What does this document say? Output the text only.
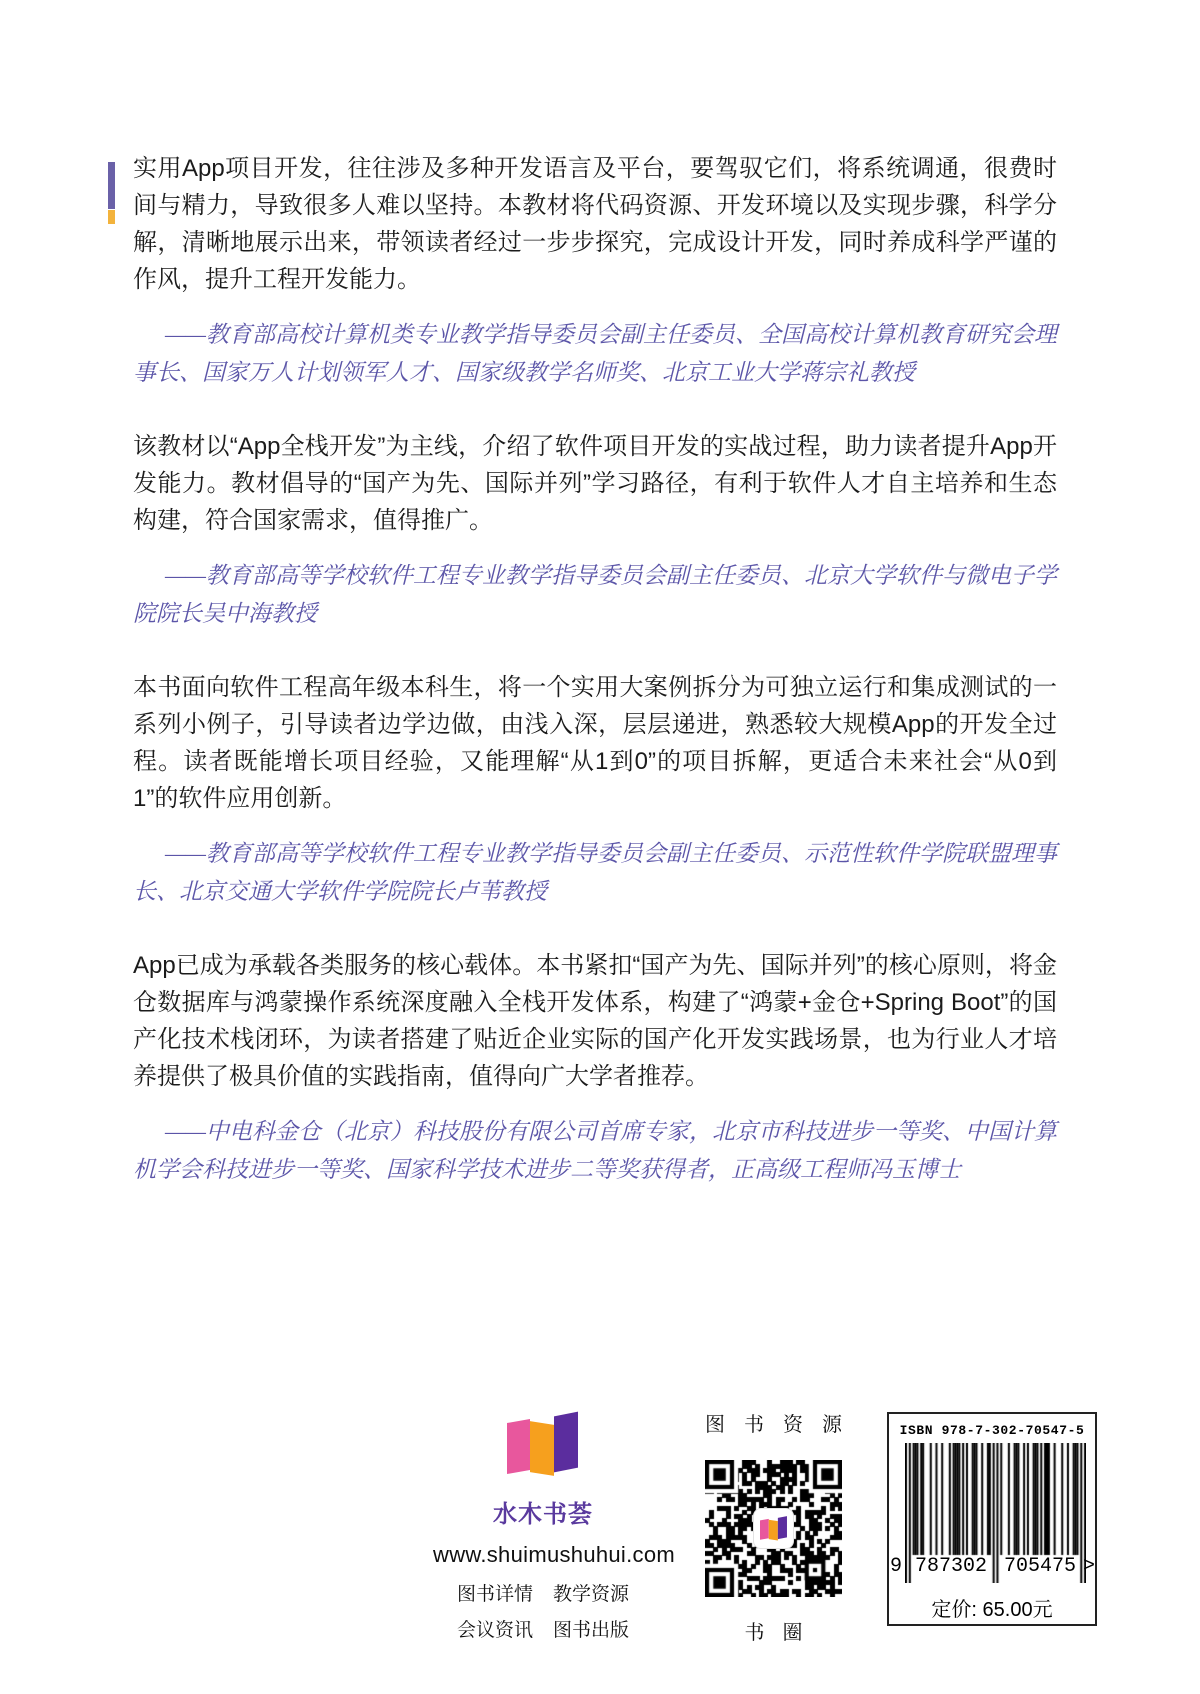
实用App项目开发，往往涉及多种开发语言及平台，要驾驭它们，将系统调通，很费时间与精力，导致很多人难以坚持。本教材将代码资源、开发环境以及实现步骤，科学分解，清晰地展示出来，带领读者经过一步步探究，完成设计开发，同时养成科学严谨的作风，提升工程开发能力。

——教育部高校计算机类专业教学指导委员会副主任委员、全国高校计算机教育研究会理事长、国家万人计划领军人才、国家级教学名师奖、北京工业大学蒋宗礼教授

该教材以“App全栈开发”为主线，介绍了软件项目开发的实战过程，助力读者提升App开发能力。教材倡导的“国产为先、国际并列”学习路径，有利于软件人才自主培养和生态构建，符合国家需求，值得推广。

——教育部高等学校软件工程专业教学指导委员会副主任委员、北京大学软件与微电子学院院长吴中海教授

本书面向软件工程高年级本科生，将一个实用大案例拆分为可独立运行和集成测试的一系列小例子，引导读者边学边做，由浅入深，层层递进，熟悉较大规模App的开发全过程。读者既能增长项目经验，又能理解“从1到0”的项目拆解，更适合未来社会“从0到1”的软件应用创新。

——教育部高等学校软件工程专业教学指导委员会副主任委员、示范性软件学院联盟理事长、北京交通大学软件学院院长卢苇教授

App已成为承载各类服务的核心载体。本书紧扣“国产为先、国际并列”的核心原则，将金仓数据库与鸿蒙操作系统深度融入全栈开发体系，构建了“鸿蒙+金仓+Spring Boot”的国产化技术栈闭环，为读者搭建了贴近企业实际的国产化开发实践场景，也为行业人才培养提供了极具价值的实践指南，值得向广大学者推荐。

——中电科金仓（北京）科技股份有限公司首席专家，北京市科技进步一等奖、中国计算机学会科技进步一等奖、国家科学技术进步二等奖获得者，正高级工程师冯玉博士

水木书荟
www.shuimushuhui.com
图书详情 教学资源
会议资讯 图书出版
图 书 资 源
书 圈
ISBN 978-7-302-70547-5
9 787302 705475 >
定价: 65.00元
